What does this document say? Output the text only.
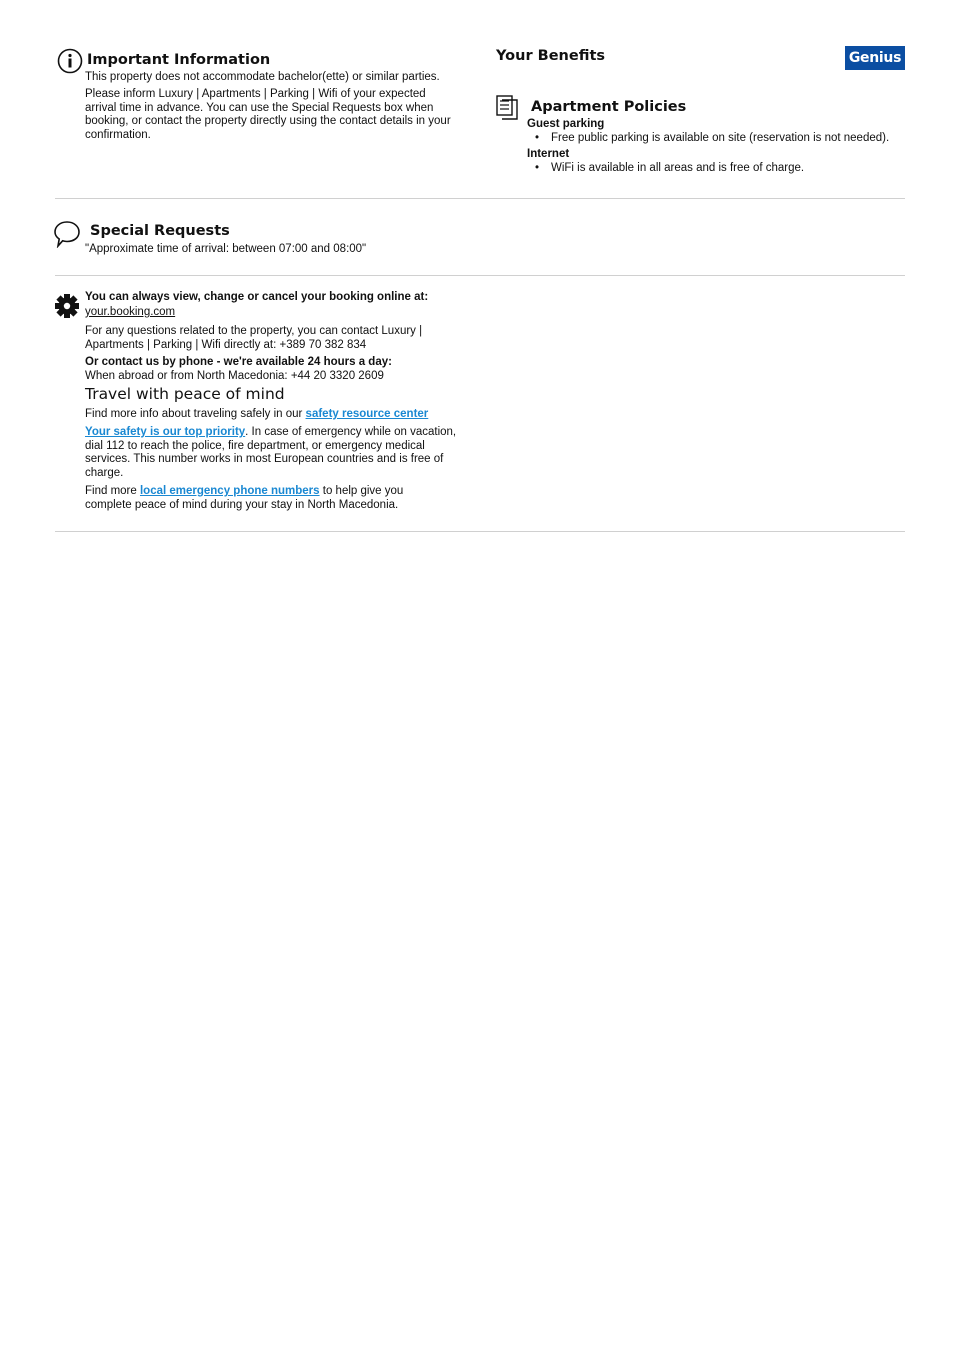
Important Information
This property does not accommodate bachelor(ette) or similar parties.
Please inform Luxury | Apartments | Parking | Wifi of your expected arrival time in advance. You can use the Special Requests box when booking, or contact the property directly using the contact details in your confirmation.
Your Benefits	Genius
Apartment Policies
Guest parking
• Free public parking is available on site (reservation is not needed).
Internet
• WiFi is available in all areas and is free of charge.
Special Requests
"Approximate time of arrival: between 07:00 and 08:00"
You can always view, change or cancel your booking online at:
your.booking.com
For any questions related to the property, you can contact Luxury | Apartments | Parking | Wifi directly at: +389 70 382 834
Or contact us by phone - we're available 24 hours a day:
When abroad or from North Macedonia: +44 20 3320 2609
Travel with peace of mind
Find more info about traveling safely in our safety resource center
Your safety is our top priority. In case of emergency while on vacation, dial 112 to reach the police, fire department, or emergency medical services. This number works in most European countries and is free of charge.
Find more local emergency phone numbers to help give you complete peace of mind during your stay in North Macedonia.
